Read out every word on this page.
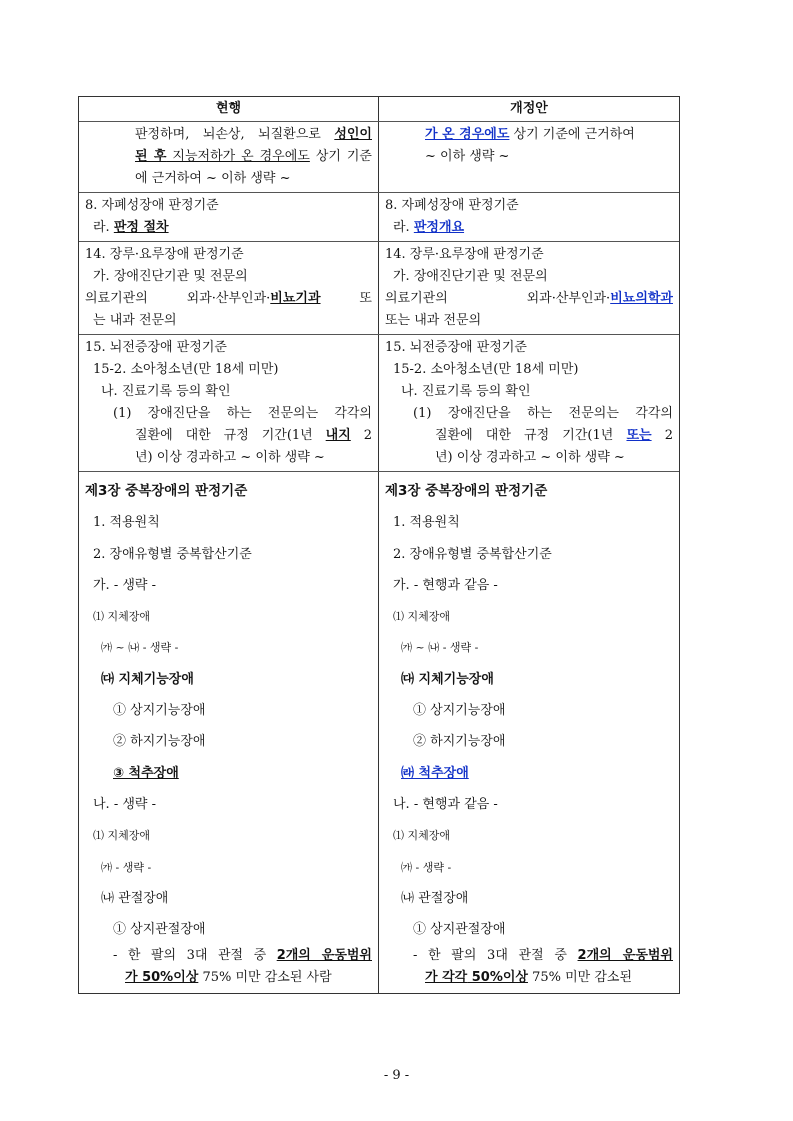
현행	개정안
판정하며, 뇌손상, 뇌질환으로 성인이
된 후 지능저하가 온 경우에도 상기 기준
에 근거하여 ~ 이하 생략 ~
가 온 경우에도 상기 기준에 근거하여
~ 이하 생략 ~
8. 자폐성장애 판정기준
라. 판정 절차
8. 자폐성장애 판정기준
라. 판정개요
14. 장루·요루장애 판정기준
가. 장애진단기관 및 전문의
의료기관의 외과·산부인과·비뇨기과 또
는 내과 전문의
14. 장루·요루장애 판정기준
가. 장애진단기관 및 전문의
의료기관의 외과·산부인과·비뇨의학과
또는 내과 전문의
15. 뇌전증장애 판정기준
15-2. 소아청소년(만 18세 미만)
나. 진료기록 등의 확인
(1) 장애진단을 하는 전문의는 각각의
질환에 대한 규정 기간(1년 내지 2
년) 이상 경과하고 ~ 이하 생략 ~
15. 뇌전증장애 판정기준
15-2. 소아청소년(만 18세 미만)
나. 진료기록 등의 확인
(1) 장애진단을 하는 전문의는 각각의
질환에 대한 규정 기간(1년 또는 2
년) 이상 경과하고 ~ 이하 생략 ~
제3장 중복장애의 판정기준
1. 적용원칙
2. 장애유형별 중복합산기준
가. - 생략 -
⑴ 지체장애
㈎ ~ ㈏ - 생략 -
㈐ 지체기능장애
① 상지기능장애
② 하지기능장애
③ 척추장애
나. - 생략 -
⑴ 지체장애
㈎ - 생략 -
㈏ 관절장애
① 상지관절장애
- 한 팔의 3대 관절 중 2개의 운동범위
가 50%이상 75% 미만 감소된 사람
제3장 중복장애의 판정기준
1. 적용원칙
2. 장애유형별 중복합산기준
가. - 현행과 같음 -
⑴ 지체장애
㈎ ~ ㈏ - 생략 -
㈐ 지체기능장애
① 상지기능장애
② 하지기능장애
㈑ 척추장애
나. - 현행과 같음 -
⑴ 지체장애
㈎ - 생략 -
㈏ 관절장애
① 상지관절장애
- 한 팔의 3대 관절 중 2개의 운동범위
가 각각 50%이상 75% 미만 감소된
- 9 -
